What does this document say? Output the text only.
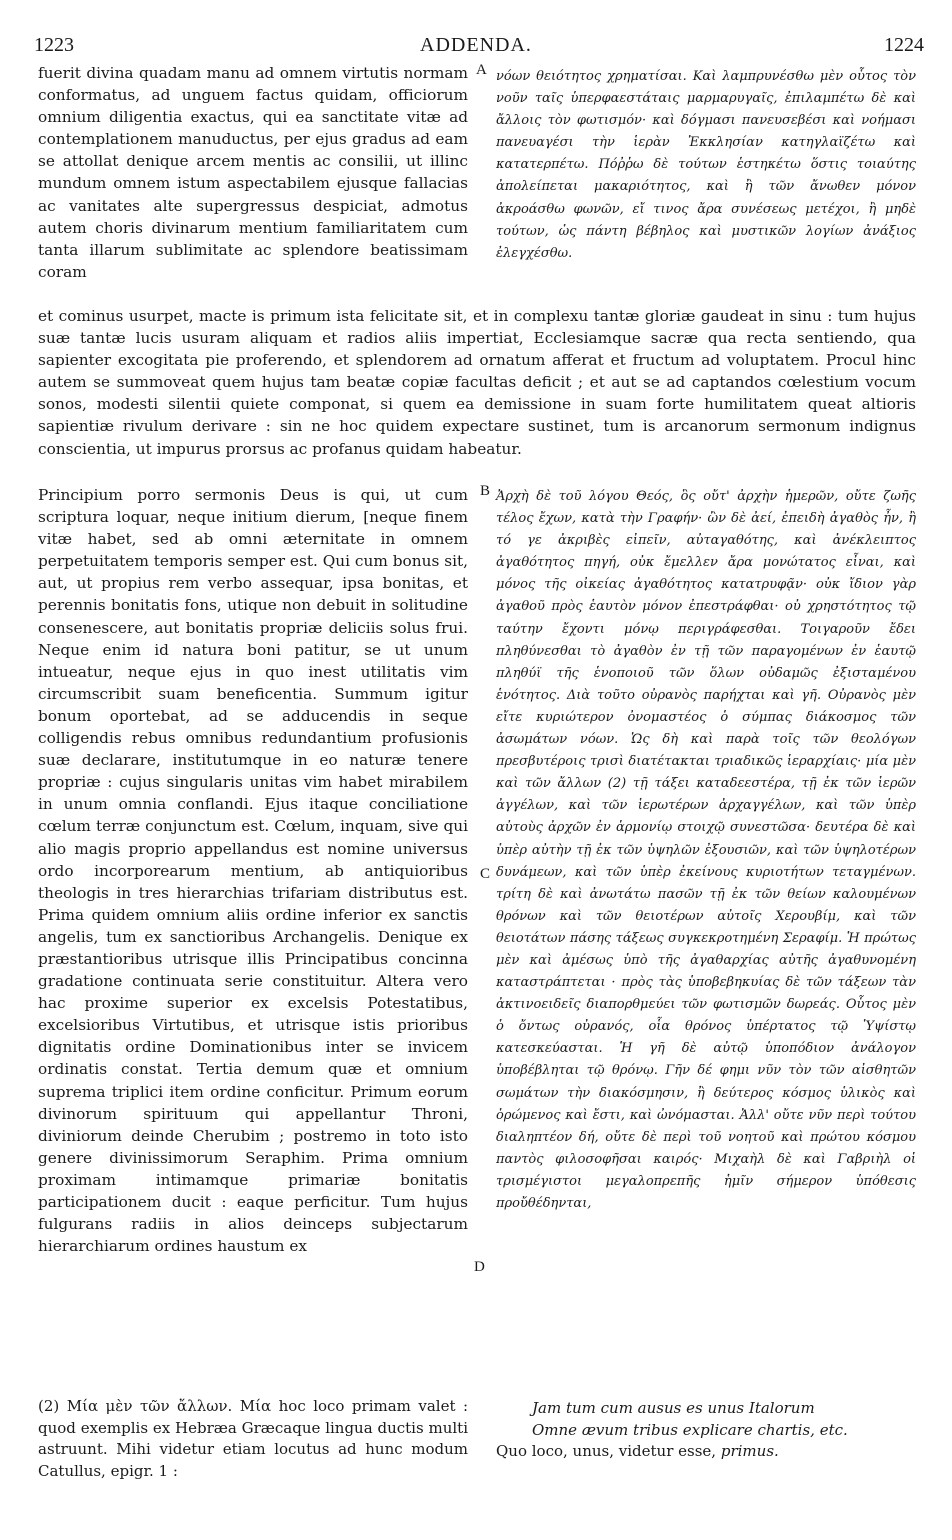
1223	ADDENDA.	1224
A
B
C
D
fuerit divina quadam manu ad omnem virtutis normam conformatus, ad unguem factus quidam, officiorum omnium diligentia exactus, qui ea sanctitate vitæ ad contemplationem manuductus, per ejus gradus ad eam se attollat denique arcem mentis ac consilii, ut illinc mundum omnem istum aspectabilem ejusque fallacias ac vanitates alte supergressus despiciat, admotus autem choris divinarum mentium familiaritatem cum tanta illarum sublimitate ac splendore beatissimam coram
νόων θειότητος χρηματίσαι. Καὶ λαμπρυνέσθω μὲν οὗτος τὸν νοῦν ταῖς ὑπερφαεστάταις μαρμαρυγαῖς, ἐπιλαμπέτω δὲ καὶ ἄλλοις τὸν φωτισμόν· καὶ δόγμασι πανευσεβέσι καὶ νοήμασι πανευαγέσι τὴν ἱερὰν Ἐκκλησίαν κατηγλαϊζέτω καὶ κατατερπέτω. Πόῤῥω δὲ τούτων ἑστηκέτω ὅστις τοιαύτης ἀπολείπεται μακαριότητος, καὶ ἢ τῶν ἄνωθεν μόνον ἀκροάσθω φωνῶν, εἴ τινος ἄρα συνέσεως μετέχοι, ἢ μηδὲ τούτων, ὡς πάντη βέβηλος καὶ μυστικῶν λογίων ἀνάξιος ἐλεγχέσθω.
et cominus usurpet, macte is primum ista felicitate sit, et in complexu tantæ gloriæ gaudeat in sinu : tum hujus suæ tantæ lucis usuram aliquam et radios aliis impertiat, Ecclesiamque sacræ qua recta sentiendo, qua sapienter excogitata pie proferendo, et splendorem ad ornatum afferat et fructum ad voluptatem. Procul hinc autem se summoveat quem hujus tam beatæ copiæ facultas deficit ; et aut se ad captandos cœlestium vocum sonos, modesti silentii quiete componat, si quem ea demissione in suam forte humilitatem queat altioris sapientiæ rivulum derivare : sin ne hoc quidem expectare sustinet, tum is arcanorum sermonum indignus conscientia, ut impurus prorsus ac profanus quidam habeatur.
Principium porro sermonis Deus is qui, ut cum scriptura loquar, neque initium dierum, [neque finem vitæ habet, sed ab omni æternitate in omnem perpetuitatem temporis semper est. Qui cum bonus sit, aut, ut propius rem verbo assequar, ipsa bonitas, et perennis bonitatis fons, utique non debuit in solitudine consenescere, aut bonitatis propriæ deliciis solus frui. Neque enim id natura boni patitur, se ut unum intueatur, neque ejus in quo inest utilitatis vim circumscribit suam beneficentia. Summum igitur bonum oportebat, ad se adducendis in seque colligendis rebus omnibus redundantium profusionis suæ declarare, institutumque in eo naturæ tenere propriæ : cujus singularis unitas vim habet mirabilem in unum omnia conflandi. Ejus itaque conciliatione cœlum terræ conjunctum est. Cœlum, inquam, sive qui alio magis proprio appellandus est nomine universus ordo incorporearum mentium, ab antiquioribus theologis in tres hierarchias trifariam distributus est. Prima quidem omnium aliis ordine inferior ex sanctis angelis, tum ex sanctioribus Archangelis. Denique ex præstantioribus utrisque illis Principatibus concinna gradatione continuata serie constituitur. Altera vero hac proxime superior ex excelsis Potestatibus, excelsioribus Virtutibus, et utrisque istis prioribus dignitatis ordine Dominationibus inter se invicem ordinatis constat. Tertia demum quæ et omnium suprema triplici item ordine conficitur. Primum eorum divinorum spirituum qui appellantur Throni, diviniorum deinde Cherubim ; postremo in toto isto genere divinissimorum Seraphim. Prima omnium proximam intimamque primariæ bonitatis participationem ducit : eaque perficitur. Tum hujus fulgurans radiis in alios deinceps subjectarum hierarchiarum ordines haustum ex
Ἀρχὴ δὲ τοῦ λόγου Θεός, ὃς οὔτ' ἀρχὴν ἡμερῶν, οὔτε ζωῆς τέλος ἔχων, κατὰ τὴν Γραφήν· ὢν δὲ ἀεί, ἐπειδὴ ἀγαθὸς ἦν, ἢ τό γε ἀκριβὲς εἰπεῖν, αὐταγαθότης, καὶ ἀνέκλειπτος ἀγαθότητος πηγή, οὐκ ἔμελλεν ἄρα μονώτατος εἶναι, καὶ μόνος τῆς οἰκείας ἀγαθότητος κατατρυφᾷν· οὐκ ἴδιον γὰρ ἀγαθοῦ πρὸς ἑαυτὸν μόνον ἐπεστράφθαι· οὐ χρηστότητος τῷ ταύτην ἔχοντι μόνῳ περιγράφεσθαι. Τοιγαροῦν ἔδει πληθύνεσθαι τὸ ἀγαθὸν ἐν τῇ τῶν παραγομένων ἐν ἑαυτῷ πληθύϊ τῆς ἑνοποιοῦ τῶν ὅλων οὐδαμῶς ἐξισταμένου ἑνότητος. Διὰ τοῦτο οὐρανὸς παρήχται καὶ γῆ. Οὐρανὸς μὲν εἴτε κυριώτερον ὀνομαστέος ὁ σύμπας διάκοσμος τῶν ἀσωμάτων νόων. Ὡς δὴ καὶ παρὰ τοῖς τῶν θεολόγων πρεσβυτέροις τρισὶ διατέτακται τριαδικῶς ἱεραρχίαις· μία μὲν καὶ τῶν ἄλλων (2) τῇ τάξει καταδεεστέρα, τῇ ἐκ τῶν ἱερῶν ἀγγέλων, καὶ τῶν ἱερωτέρων ἀρχαγγέλων, καὶ τῶν ὑπὲρ αὐτοὺς ἀρχῶν ἐν ἁρμονίῳ στοιχῷ συνεστῶσα· δευτέρα δὲ καὶ ὑπὲρ αὐτὴν τῇ ἐκ τῶν ὑψηλῶν ἐξουσιῶν, καὶ τῶν ὑψηλοτέρων δυνάμεων, καὶ τῶν ὑπὲρ ἐκείνους κυριοτήτων τεταγμένων. τρίτη δὲ καὶ ἀνωτάτω πασῶν τῇ ἐκ τῶν θείων καλουμένων θρόνων καὶ τῶν θειοτέρων αὐτοῖς Χερουβίμ, καὶ τῶν θειοτάτων πάσης τάξεως συγκεκροτημένη Σεραφίμ. Ἡ πρώτως μὲν καὶ ἀμέσως ὑπὸ τῆς ἀγαθαρχίας αὐτῆς ἀγαθυνομένη καταστράπτεται · πρὸς τὰς ὑποβεβηκυίας δὲ τῶν τάξεων τὰν ἀκτινοειδεῖς διαπορθμεύει τῶν φωτισμῶν δωρεάς. Οὗτος μὲν ὁ ὄντως οὐρανός, οἷα θρόνος ὑπέρτατος τῷ Ὑψίστῳ κατεσκεύασται. Ἡ γῆ δὲ αὐτῷ ὑποπόδιον ἀνάλογον ὑποβέβληται τῷ θρόνῳ. Γῆν δέ φημι νῦν τὸν τῶν αἰσθητῶν σωμάτων τὴν διακόσμησιν, ἢ δεύτερος κόσμος ὑλικὸς καὶ ὁρώμενος καὶ ἔστι, καὶ ὠνόμασται. Ἀλλ' οὔτε νῦν περὶ τούτου διαληπτέον δή, οὔτε δὲ περὶ τοῦ νοητοῦ καὶ πρώτου κόσμου παντὸς φιλοσοφῆσαι καιρός· Μιχαὴλ δὲ καὶ Γαβριὴλ οἱ τρισμέγιστοι μεγαλοπρεπῆς ἡμῖν σήμερον ὑπόθεσις προὔθέδηνται,
(2) Μία μὲν τῶν ἄλλων. Μία hoc loco primam valet : quod exemplis ex Hebræa Græcaque lingua ductis multi astruunt. Mihi videtur etiam locutus ad hunc modum Catullus, epigr. 1 :
Jam tum cum ausus es unus Italorum
Omne ævum tribus explicare chartis, etc.
Quo loco, unus, videtur esse, primus.
